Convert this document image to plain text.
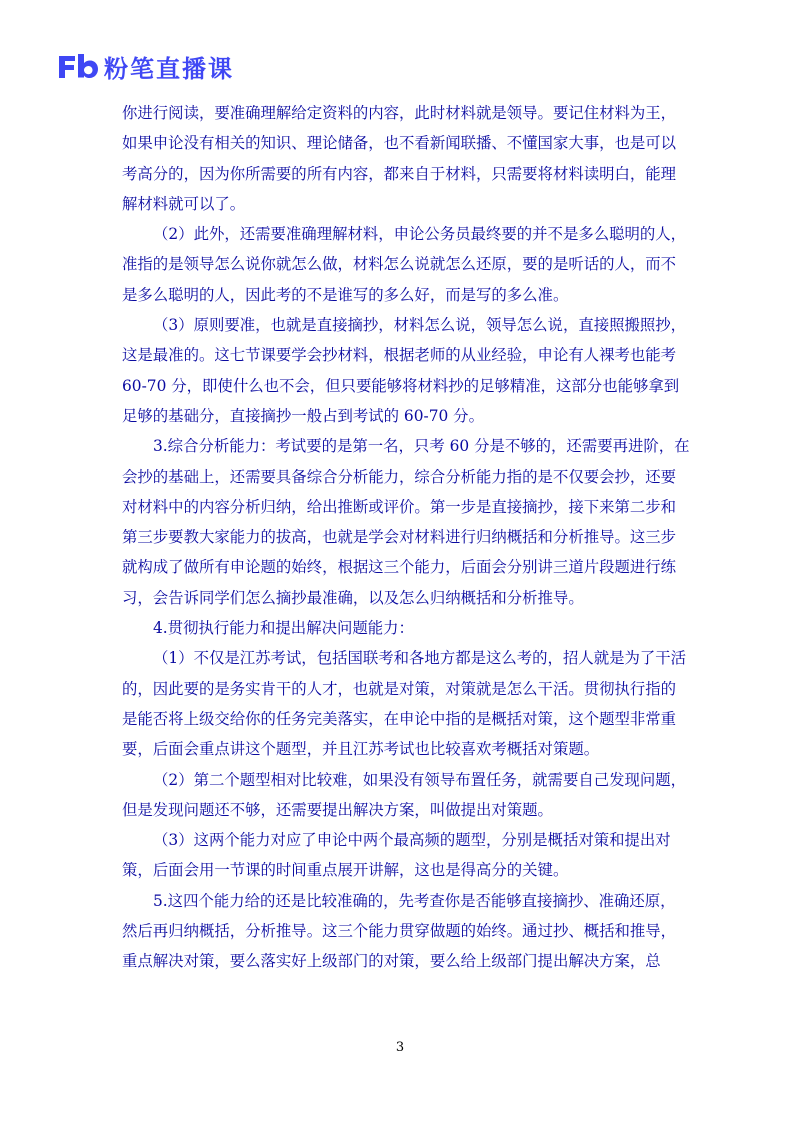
粉笔直播课

你进行阅读，要准确理解给定资料的内容，此时材料就是领导。要记住材料为王，如果申论没有相关的知识、理论储备，也不看新闻联播、不懂国家大事，也是可以考高分的，因为你所需要的所有内容，都来自于材料，只需要将材料读明白，能理解材料就可以了。

（2）此外，还需要准确理解材料，申论公务员最终要的并不是多么聪明的人，准指的是领导怎么说你就怎么做，材料怎么说就怎么还原，要的是听话的人，而不是多么聪明的人，因此考的不是谁写的多么好，而是写的多么准。

（3）原则要准，也就是直接摘抄，材料怎么说，领导怎么说，直接照搬照抄，这是最准的。这七节课要学会抄材料，根据老师的从业经验，申论有人裸考也能考 60-70 分，即使什么也不会，但只要能够将材料抄的足够精准，这部分也能够拿到足够的基础分，直接摘抄一般占到考试的 60-70 分。

3.综合分析能力：考试要的是第一名，只考 60 分是不够的，还需要再进阶，在会抄的基础上，还需要具备综合分析能力，综合分析能力指的是不仅要会抄，还要对材料中的内容分析归纳，给出推断或评价。第一步是直接摘抄，接下来第二步和第三步要教大家能力的拔高，也就是学会对材料进行归纳概括和分析推导。这三步就构成了做所有申论题的始终，根据这三个能力，后面会分别讲三道片段题进行练习，会告诉同学们怎么摘抄最准确，以及怎么归纳概括和分析推导。

4.贯彻执行能力和提出解决问题能力：

（1）不仅是江苏考试，包括国联考和各地方都是这么考的，招人就是为了干活的，因此要的是务实肯干的人才，也就是对策，对策就是怎么干活。贯彻执行指的是能否将上级交给你的任务完美落实，在申论中指的是概括对策，这个题型非常重要，后面会重点讲这个题型，并且江苏考试也比较喜欢考概括对策题。

（2）第二个题型相对比较难，如果没有领导布置任务，就需要自己发现问题，但是发现问题还不够，还需要提出解决方案，叫做提出对策题。

（3）这两个能力对应了申论中两个最高频的题型，分别是概括对策和提出对策，后面会用一节课的时间重点展开讲解，这也是得高分的关键。

5.这四个能力给的还是比较准确的，先考查你是否能够直接摘抄、准确还原，然后再归纳概括，分析推导。这三个能力贯穿做题的始终。通过抄、概括和推导，重点解决对策，要么落实好上级部门的对策，要么给上级部门提出解决方案，总

3
